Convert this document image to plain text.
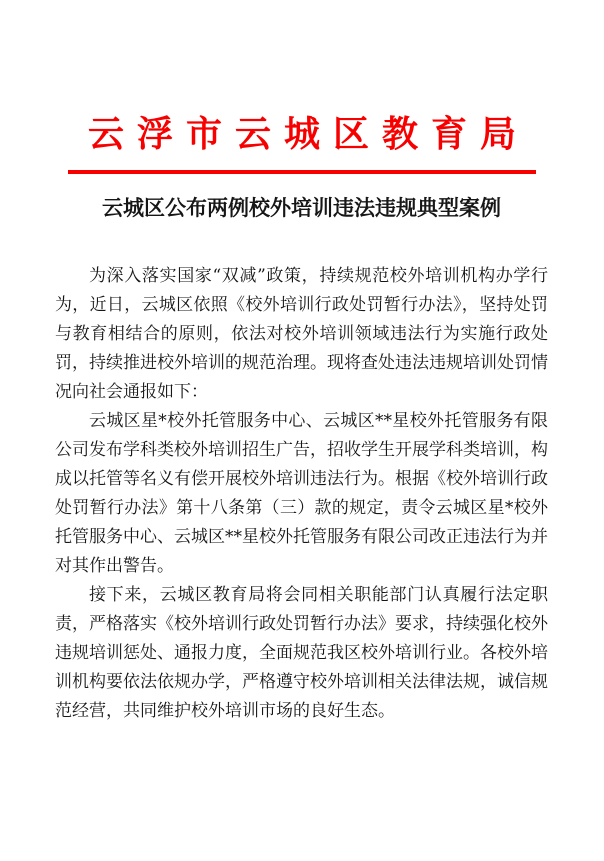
云浮市云城区教育局
云城区公布两例校外培训违法违规典型案例

为深入落实国家“双减”政策，持续规范校外培训机构办学行为，近日，云城区依照《校外培训行政处罚暂行办法》，坚持处罚与教育相结合的原则，依法对校外培训领域违法行为实施行政处罚，持续推进校外培训的规范治理。现将查处违法违规培训处罚情况向社会通报如下：

云城区星*校外托管服务中心、云城区**星校外托管服务有限公司发布学科类校外培训招生广告，招收学生开展学科类培训，构成以托管等名义有偿开展校外培训违法行为。根据《校外培训行政处罚暂行办法》第十八条第（三）款的规定，责令云城区星*校外托管服务中心、云城区**星校外托管服务有限公司改正违法行为并对其作出警告。

接下来，云城区教育局将会同相关职能部门认真履行法定职责，严格落实《校外培训行政处罚暂行办法》要求，持续强化校外违规培训惩处、通报力度，全面规范我区校外培训行业。各校外培训机构要依法依规办学，严格遵守校外培训相关法律法规，诚信规范经营，共同维护校外培训市场的良好生态。
